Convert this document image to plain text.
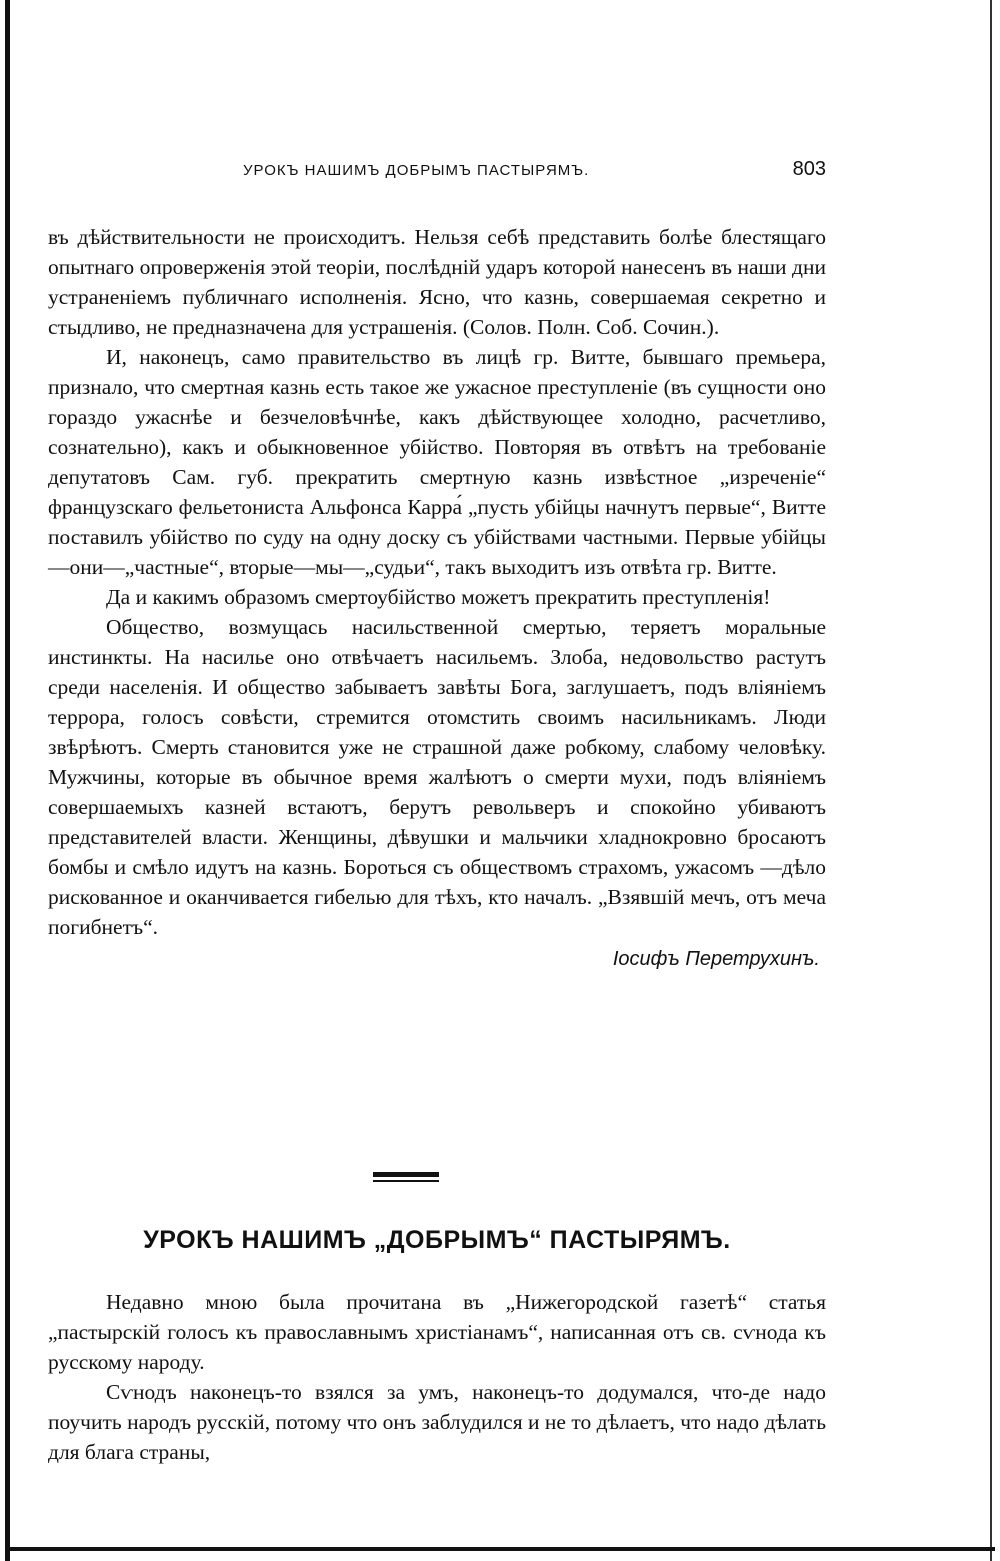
УРОКЪ НАШИМЪ ДОБРЫМЪ ПАСТЫРЯМЪ.	803

въ дѣйствительности не происходитъ. Нельзя себѣ представить болѣе блестящаго опытнаго опроверженія этой теоріи, послѣдній ударъ которой нанесенъ въ наши дни устраненіемъ публичнаго исполненія. Ясно, что казнь, совершаемая секретно и стыдливо, не предназначена для устрашенія. (Солов. Полн. Соб. Сочин.).

И, наконецъ, само правительство въ лицѣ гр. Витте, бывшаго премьера, признало, что смертная казнь есть такое же ужасное преступленіе (въ сущности оно гораздо ужаснѣе и безчеловѣчнѣе, какъ дѣйствующее холодно, расчетливо, сознательно), какъ и обыкновенное убійство. Повторяя въ отвѣтъ на требованіе депутатовъ Сам. губ. прекратить смертную казнь извѣстное „изреченіе“ французскаго фельетониста Альфонса Карра́ „пусть убійцы начнутъ первые“, Витте поставилъ убійство по суду на одну доску съ убійствами частными. Первые убійцы—они—„частные“, вторые—мы—„судьи“, такъ выходитъ изъ отвѣта гр. Витте.

Да и какимъ образомъ смертоубійство можетъ прекратить преступленія!

Общество, возмущась насильственной смертью, теряетъ моральные инстинкты. На насилье оно отвѣчаетъ насильемъ. Злоба, недовольство растутъ среди населенія. И общество забываетъ завѣты Бога, заглушаетъ, подъ вліяніемъ террора, голосъ совѣсти, стремится отомстить своимъ насильникамъ. Люди звѣрѣютъ. Смерть становится уже не страшной даже робкому, слабому человѣку. Мужчины, которые въ обычное время жалѣютъ о смерти мухи, подъ вліяніемъ совершаемыхъ казней встаютъ, берутъ револьверъ и спокойно убиваютъ представителей власти. Женщины, дѣвушки и мальчики хладнокровно бросаютъ бомбы и смѣло идутъ на казнь. Бороться съ обществомъ страхомъ, ужасомъ —дѣло рискованное и оканчивается гибелью для тѣхъ, кто началъ. „Взявшій мечъ, отъ меча погибнетъ“.

Іосифъ Перетрухинъ.

УРОКЪ НАШИМЪ „ДОБРЫМЪ“ ПАСТЫРЯМЪ.

Недавно мною была прочитана въ „Нижегородской газетѣ“ статья „пастырскій голосъ къ православнымъ христіанамъ“, написанная отъ св. сѵнода къ русскому народу.

Сѵнодъ наконецъ-то взялся за умъ, наконецъ-то додумался, что-де надо поучить народъ русскій, потому что онъ заблудился и не то дѣлаетъ, что надо дѣлать для блага страны,
